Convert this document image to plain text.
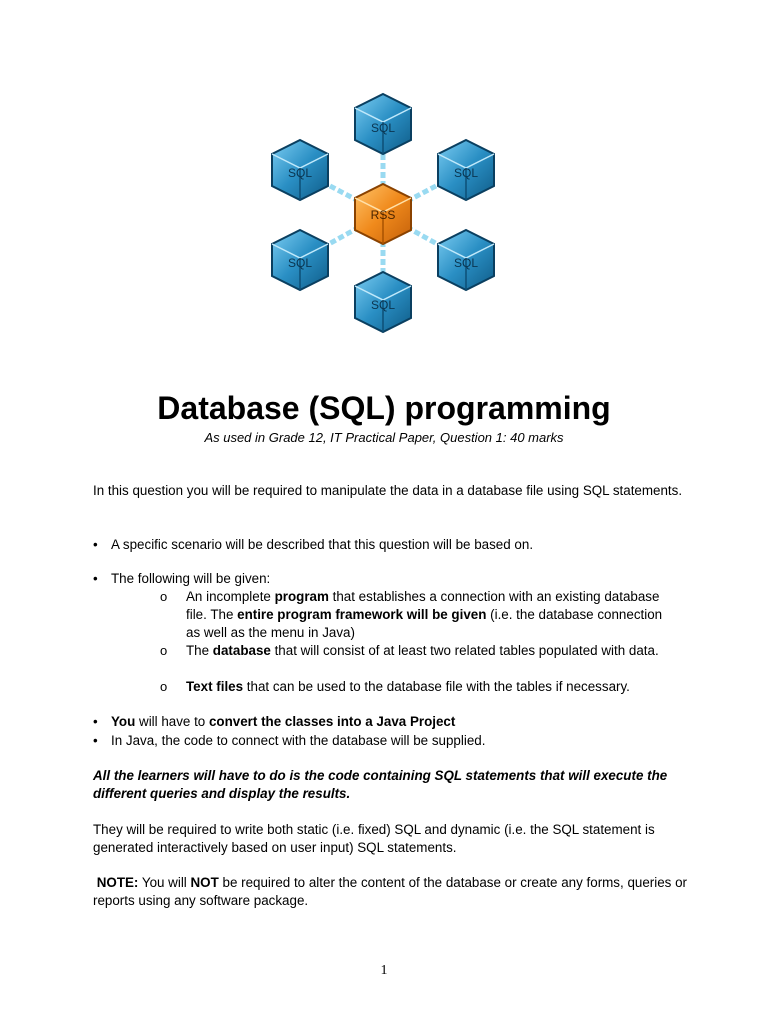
SQL
SQL	SQL
SQL	SQL
SQL
RSS
Database (SQL) programming

As used in Grade 12, IT Practical Paper, Question 1: 40 marks

In this question you will be required to manipulate the data in a database file using SQL statements.

• A specific scenario will be described that this question will be based on.
• The following will be given:
o	An incomplete program that establishes a connection with an existing database file. The entire program framework will be given (i.e. the database connection as well as the menu in Java)
o	The database that will consist of at least two related tables populated with data.
o	Text files that can be used to the database file with the tables if necessary.
• You will have to convert the classes into a Java Project
• In Java, the code to connect with the database will be supplied.

All the learners will have to do is the code containing SQL statements that will execute the different queries and display the results.

They will be required to write both static (i.e. fixed) SQL and dynamic (i.e. the SQL statement is generated interactively based on user input) SQL statements.

NOTE: You will NOT be required to alter the content of the database or create any forms, queries or reports using any software package.

1
